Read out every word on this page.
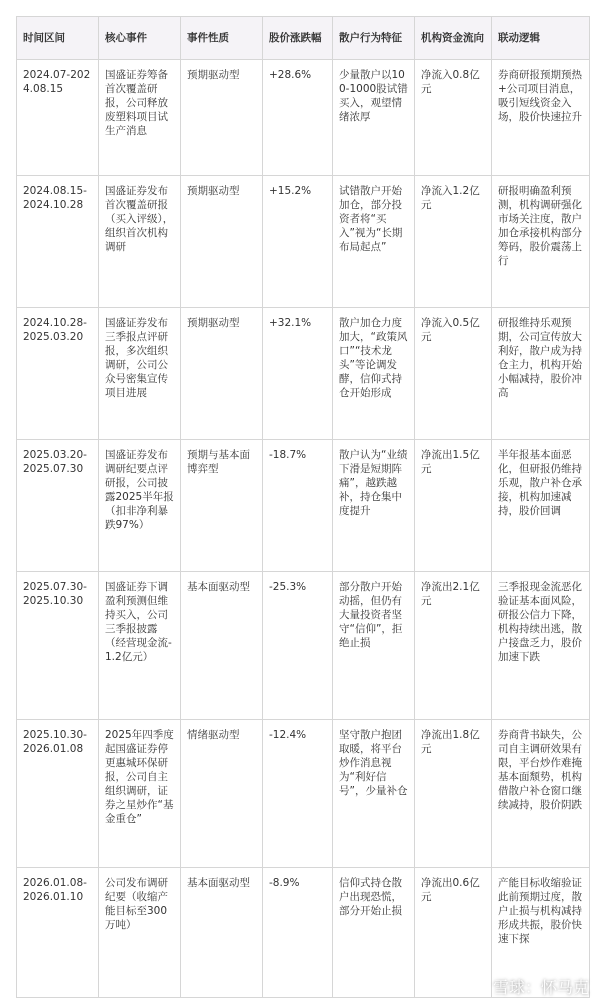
时间区间	核心事件	事件性质	股价涨跌幅	散户行为特征	机构资金流向	联动逻辑
2024.07-2024.08.15	国盛证券筹备首次覆盖研报，公司释放废塑料项目试生产消息	预期驱动型	+28.6%	少量散户以100-1000股试错买入，观望情绪浓厚	净流入0.8亿元	券商研报预期预热+公司项目消息，吸引短线资金入场，股价快速拉升
2024.08.15-2024.10.28	国盛证券发布首次覆盖研报（买入评级），组织首次机构调研	预期驱动型	+15.2%	试错散户开始加仓，部分投资者将“买入”视为“长期布局起点”	净流入1.2亿元	研报明确盈利预测，机构调研强化市场关注度，散户加仓承接机构部分筹码，股价震荡上行
2024.10.28-2025.03.20	国盛证券发布三季报点评研报，多次组织调研，公司公众号密集宣传项目进展	预期驱动型	+32.1%	散户加仓力度加大，“政策风口”“技术龙头”等论调发酵，信仰式持仓开始形成	净流入0.5亿元	研报维持乐观预期，公司宣传放大利好，散户成为持仓主力，机构开始小幅减持，股价冲高
2025.03.20-2025.07.30	国盛证券发布调研纪要点评研报，公司披露2025半年报（扣非净利暴跌97%）	预期与基本面博弈型	-18.7%	散户认为“业绩下滑是短期阵痛”，越跌越补，持仓集中度提升	净流出1.5亿元	半年报基本面恶化，但研报仍维持乐观，散户补仓承接，机构加速减持，股价回调
2025.07.30-2025.10.30	国盛证券下调盈利预测但维持买入，公司三季报披露（经营现金流-1.2亿元）	基本面驱动型	-25.3%	部分散户开始动摇，但仍有大量投资者坚守“信仰”，拒绝止损	净流出2.1亿元	三季报现金流恶化验证基本面风险，研报公信力下降，机构持续出逃，散户接盘乏力，股价加速下跌
2025.10.30-2026.01.08	2025年四季度起国盛证券停更惠城环保研报，公司自主组织调研，证券之星炒作“基金重仓”	情绪驱动型	-12.4%	坚守散户抱团取暖，将平台炒作消息视为“利好信号”，少量补仓	净流出1.8亿元	券商背书缺失，公司自主调研效果有限，平台炒作难掩基本面颓势，机构借散户补仓窗口继续减持，股价阴跌
2026.01.08-2026.01.10	公司发布调研纪要（收缩产能目标至300万吨）	基本面驱动型	-8.9%	信仰式持仓散户出现恐慌，部分开始止损	净流出0.6亿元	产能目标收缩验证此前预期过度，散户止损与机构减持形成共振，股价快速下探
雪球：怀马克
